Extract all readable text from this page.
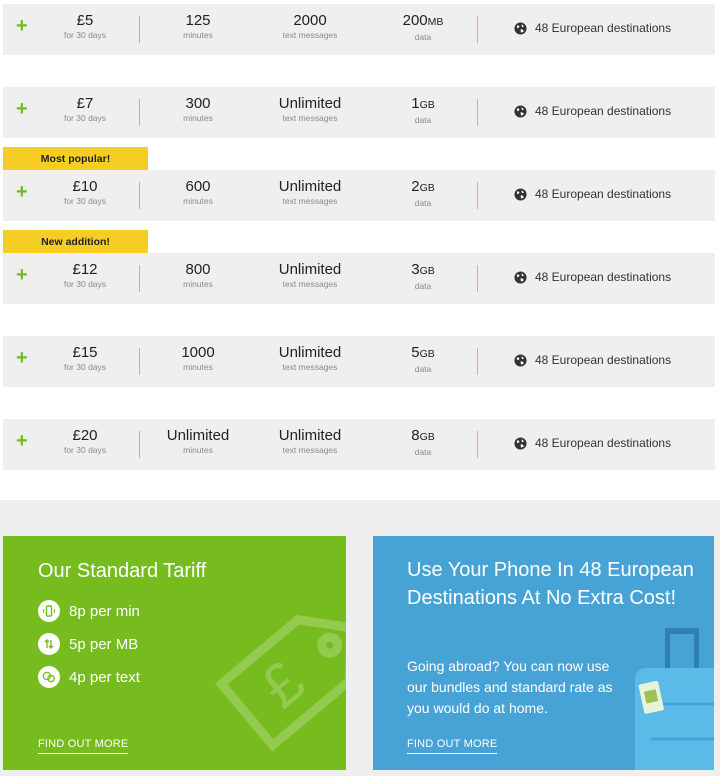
+	£5
for 30 days
125
minutes
2000
text messages
200MB
data
48 European destinations
+	£7
for 30 days
300
minutes
Unlimited
text messages
1GB
data
48 European destinations
Most popular!
+	£10
for 30 days
600
minutes
Unlimited
text messages
2GB
data
48 European destinations
New addition!
+	£12
for 30 days
800
minutes
Unlimited
text messages
3GB
data
48 European destinations
+	£15
for 30 days
1000
minutes
Unlimited
text messages
5GB
data
48 European destinations
+	£20
for 30 days
Unlimited
minutes
Unlimited
text messages
8GB
data
48 European destinations
£
Our Standard Tariff
8p per min
5p per MB
4p per text
FIND OUT MORE
Use Your Phone In 48 European Destinations At No Extra Cost!

Going abroad? You can now use our bundles and standard rate as you would do at home.

FIND OUT MORE
